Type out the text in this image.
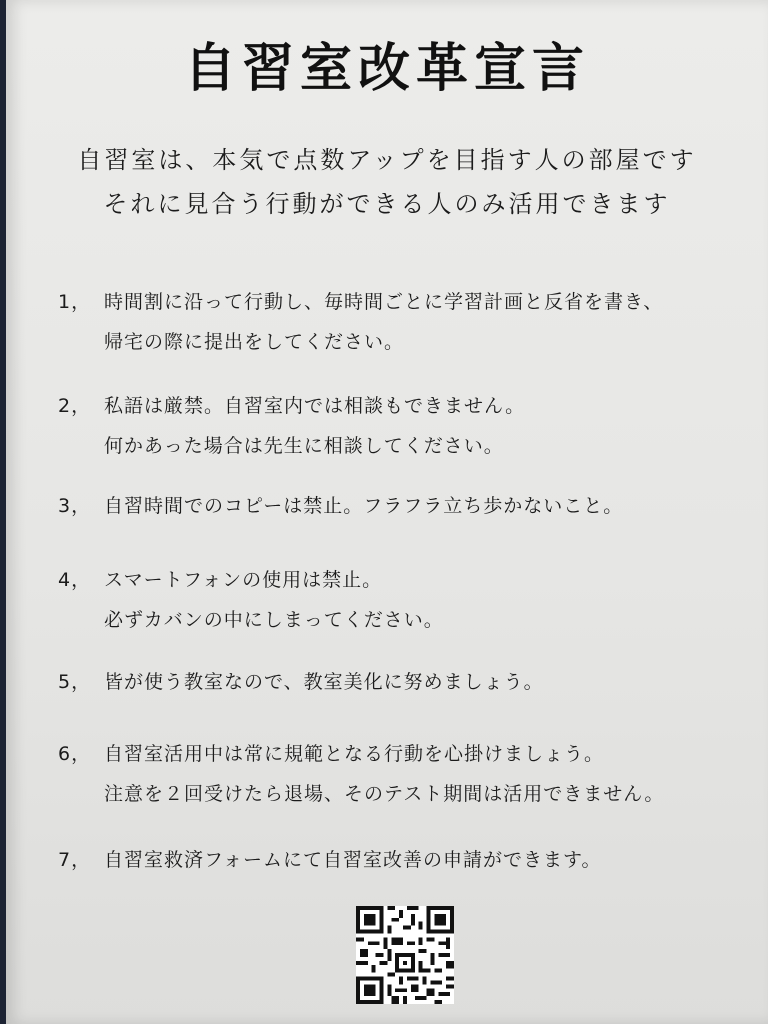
自習室改革宣言
自習室は、本気で点数アップを目指す人の部屋です
それに見合う行動ができる人のみ活用できます
1， 時間割に沿って行動し、毎時間ごとに学習計画と反省を書き、
帰宅の際に提出をしてください。
2， 私語は厳禁。自習室内では相談もできません。
何かあった場合は先生に相談してください。
3， 自習時間でのコピーは禁止。フラフラ立ち歩かないこと。
4， スマートフォンの使用は禁止。
必ずカバンの中にしまってください。
5， 皆が使う教室なので、教室美化に努めましょう。
6， 自習室活用中は常に規範となる行動を心掛けましょう。
注意を２回受けたら退場、そのテスト期間は活用できません。
7， 自習室救済フォームにて自習室改善の申請ができます。
